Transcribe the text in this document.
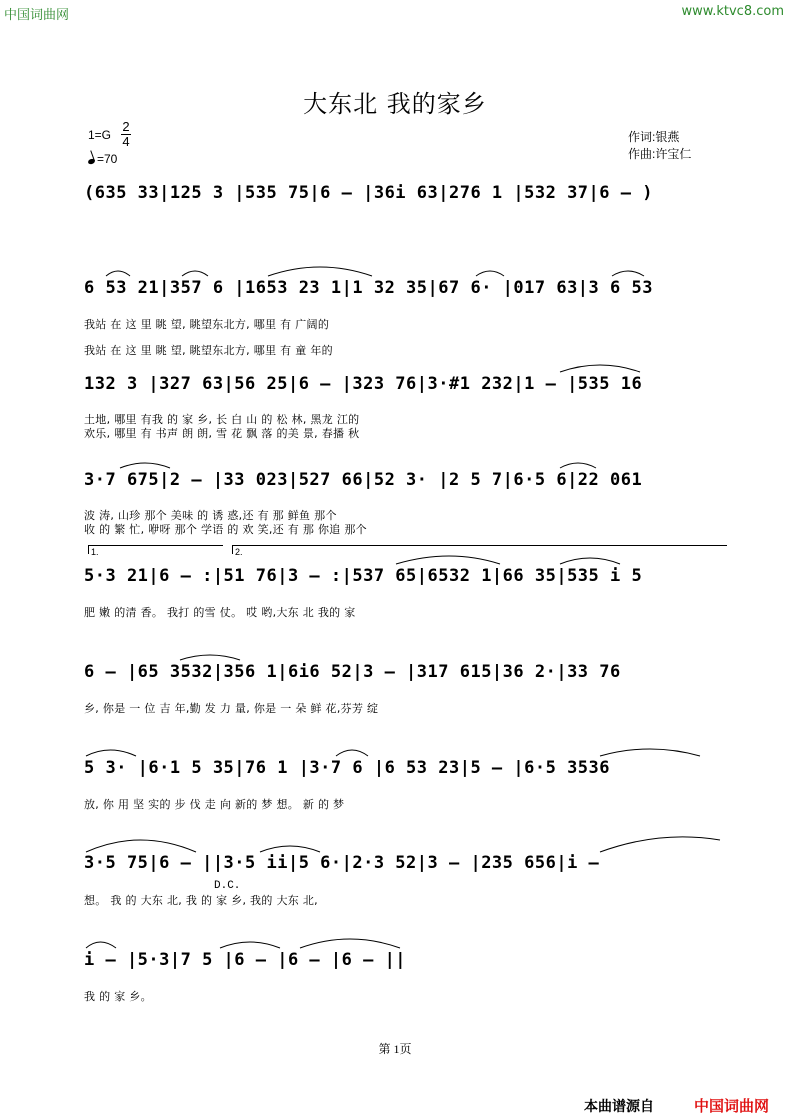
中国词曲网	www.ktvc8.com
大东北 我的家乡
1=G
2
4
=70
作词:银燕
作曲:许宝仁
(635 33|125 3 |535 75|6 – |36i 63|276 1 |532 37|6 – )
6 53 21|357 6 |1653 23 1|1 32 35|67 6· |017 63|3 6 53
我站 在 这 里 眺 望, 眺望东北方, 哪里 有 广阔的
我站 在 这 里 眺 望, 眺望东北方, 哪里 有 童 年的
132 3 |327 63|56 25|6 – |323 76|3·#1 232|1 – |535 16
土地, 哪里 有我 的 家 乡, 长 白 山 的 松 林, 黑龙 江的
欢乐, 哪里 有 书声 朗 朗, 雪 花 飘 落 的美 景, 春播 秋
3·7 675|2 – |33 023|527 66|52 3· |2 5 7|6·5 6|22 061
波 涛, 山珍 那个 美味 的 诱 惑,还 有 那 鲜鱼 那个
收 的 繁 忙, 咿呀 那个 学语 的 欢 笑,还 有 那 你追 那个
1.	2.
5·3 21|6 – :|51 76|3 – :|537 65|6532 1|66 35|535 i 5
肥 嫩 的清 香。 我打 的雪 仗。 哎 哟,大东 北 我的 家
6 – |65 3532|356 1|6i6 52|3 – |317 615|36 2·|33 76
乡, 你是 一 位 吉 年,勤 发 力 量, 你是 一 朵 鲜 花,芬芳 绽
5 3· |6·1 5 35|76 1 |3·7 6 |6 53 23|5 – |6·5 3536
放, 你 用 坚 实的 步 伐 走 向 新的 梦 想。 新 的 梦
3·5 75|6 – ||3·5 ii|5 6·|2·3 52|3 – |235 656|i –
D.C.
想。 我 的 大东 北, 我 的 家 乡, 我的 大东 北,
i – |5·3|7 5 |6 – |6 – |6 – ||
我 的 家 乡。
第 1页
本曲谱源自	中国词曲网
